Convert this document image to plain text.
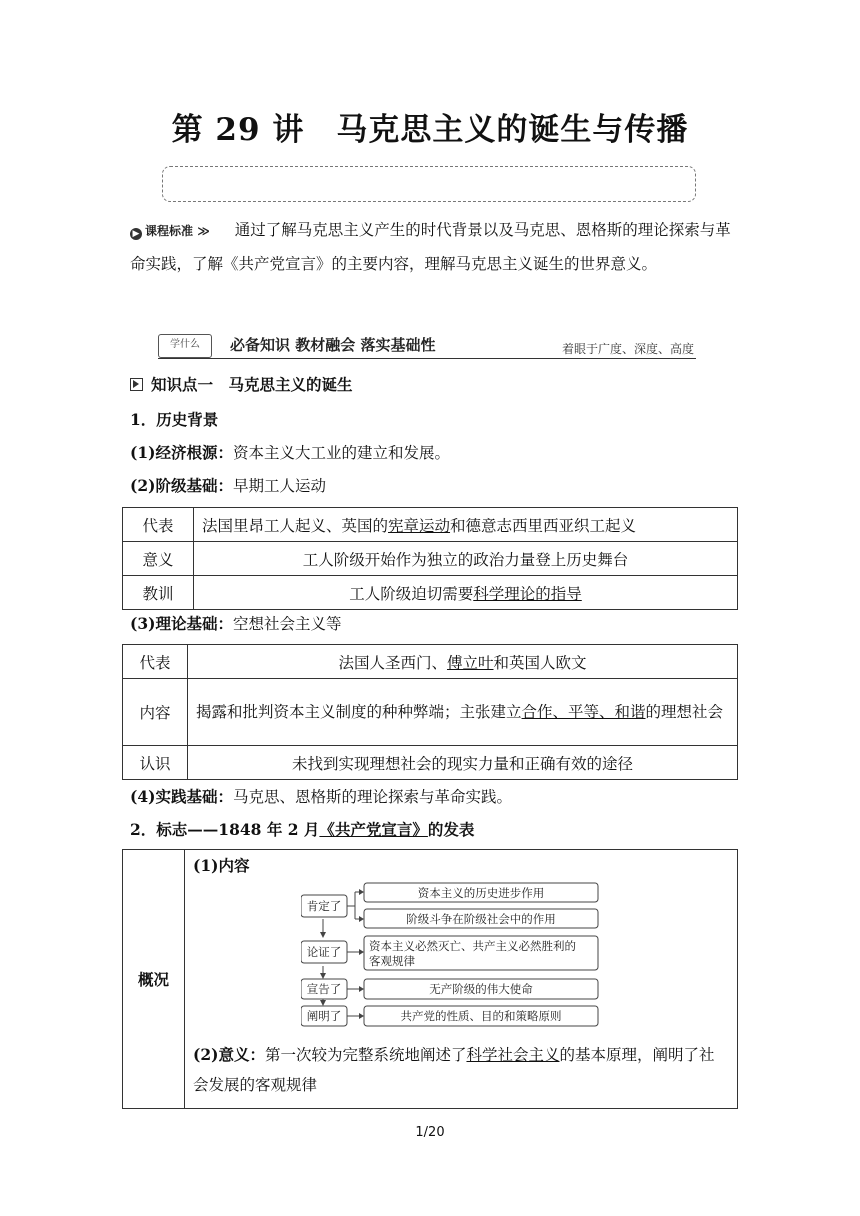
第 29 讲　马克思主义的诞生与传播
▶ 课程标准 ≫ 通过了解马克思主义产生的时代背景以及马克思、恩格斯的理论探索与革命实践，了解《共产党宣言》的主要内容，理解马克思主义诞生的世界意义。
学什么	必备知识 教材融会 落实基础性	着眼于广度、深度、高度
知识点一　马克思主义的诞生
1．历史背景
(1)经济根源：资本主义大工业的建立和发展。
(2)阶级基础：早期工人运动
代表	法国里昂工人起义、英国的宪章运动和德意志西里西亚织工起义
意义	工人阶级开始作为独立的政治力量登上历史舞台
教训	工人阶级迫切需要科学理论的指导
(3)理论基础：空想社会主义等
代表	法国人圣西门、傅立叶和英国人欧文
内容	揭露和批判资本主义制度的种种弊端；主张建立合作、平等、和谐的理想社会
认识	未找到实现理想社会的现实力量和正确有效的途径
(4)实践基础：马克思、恩格斯的理论探索与革命实践。
2．标志——1848 年 2 月《共产党宣言》的发表
概况	
(1)内容
肯定了
论证了
宣告了
阐明了
资本主义的历史进步作用
阶级斗争在阶级社会中的作用
资本主义必然灭亡、共产主义必然胜利的
客观规律
无产阶级的伟大使命
共产党的性质、目的和策略原则
(2)意义：第一次较为完整系统地阐述了科学社会主义的基本原理，阐明了社会发展的客观规律
1/20
